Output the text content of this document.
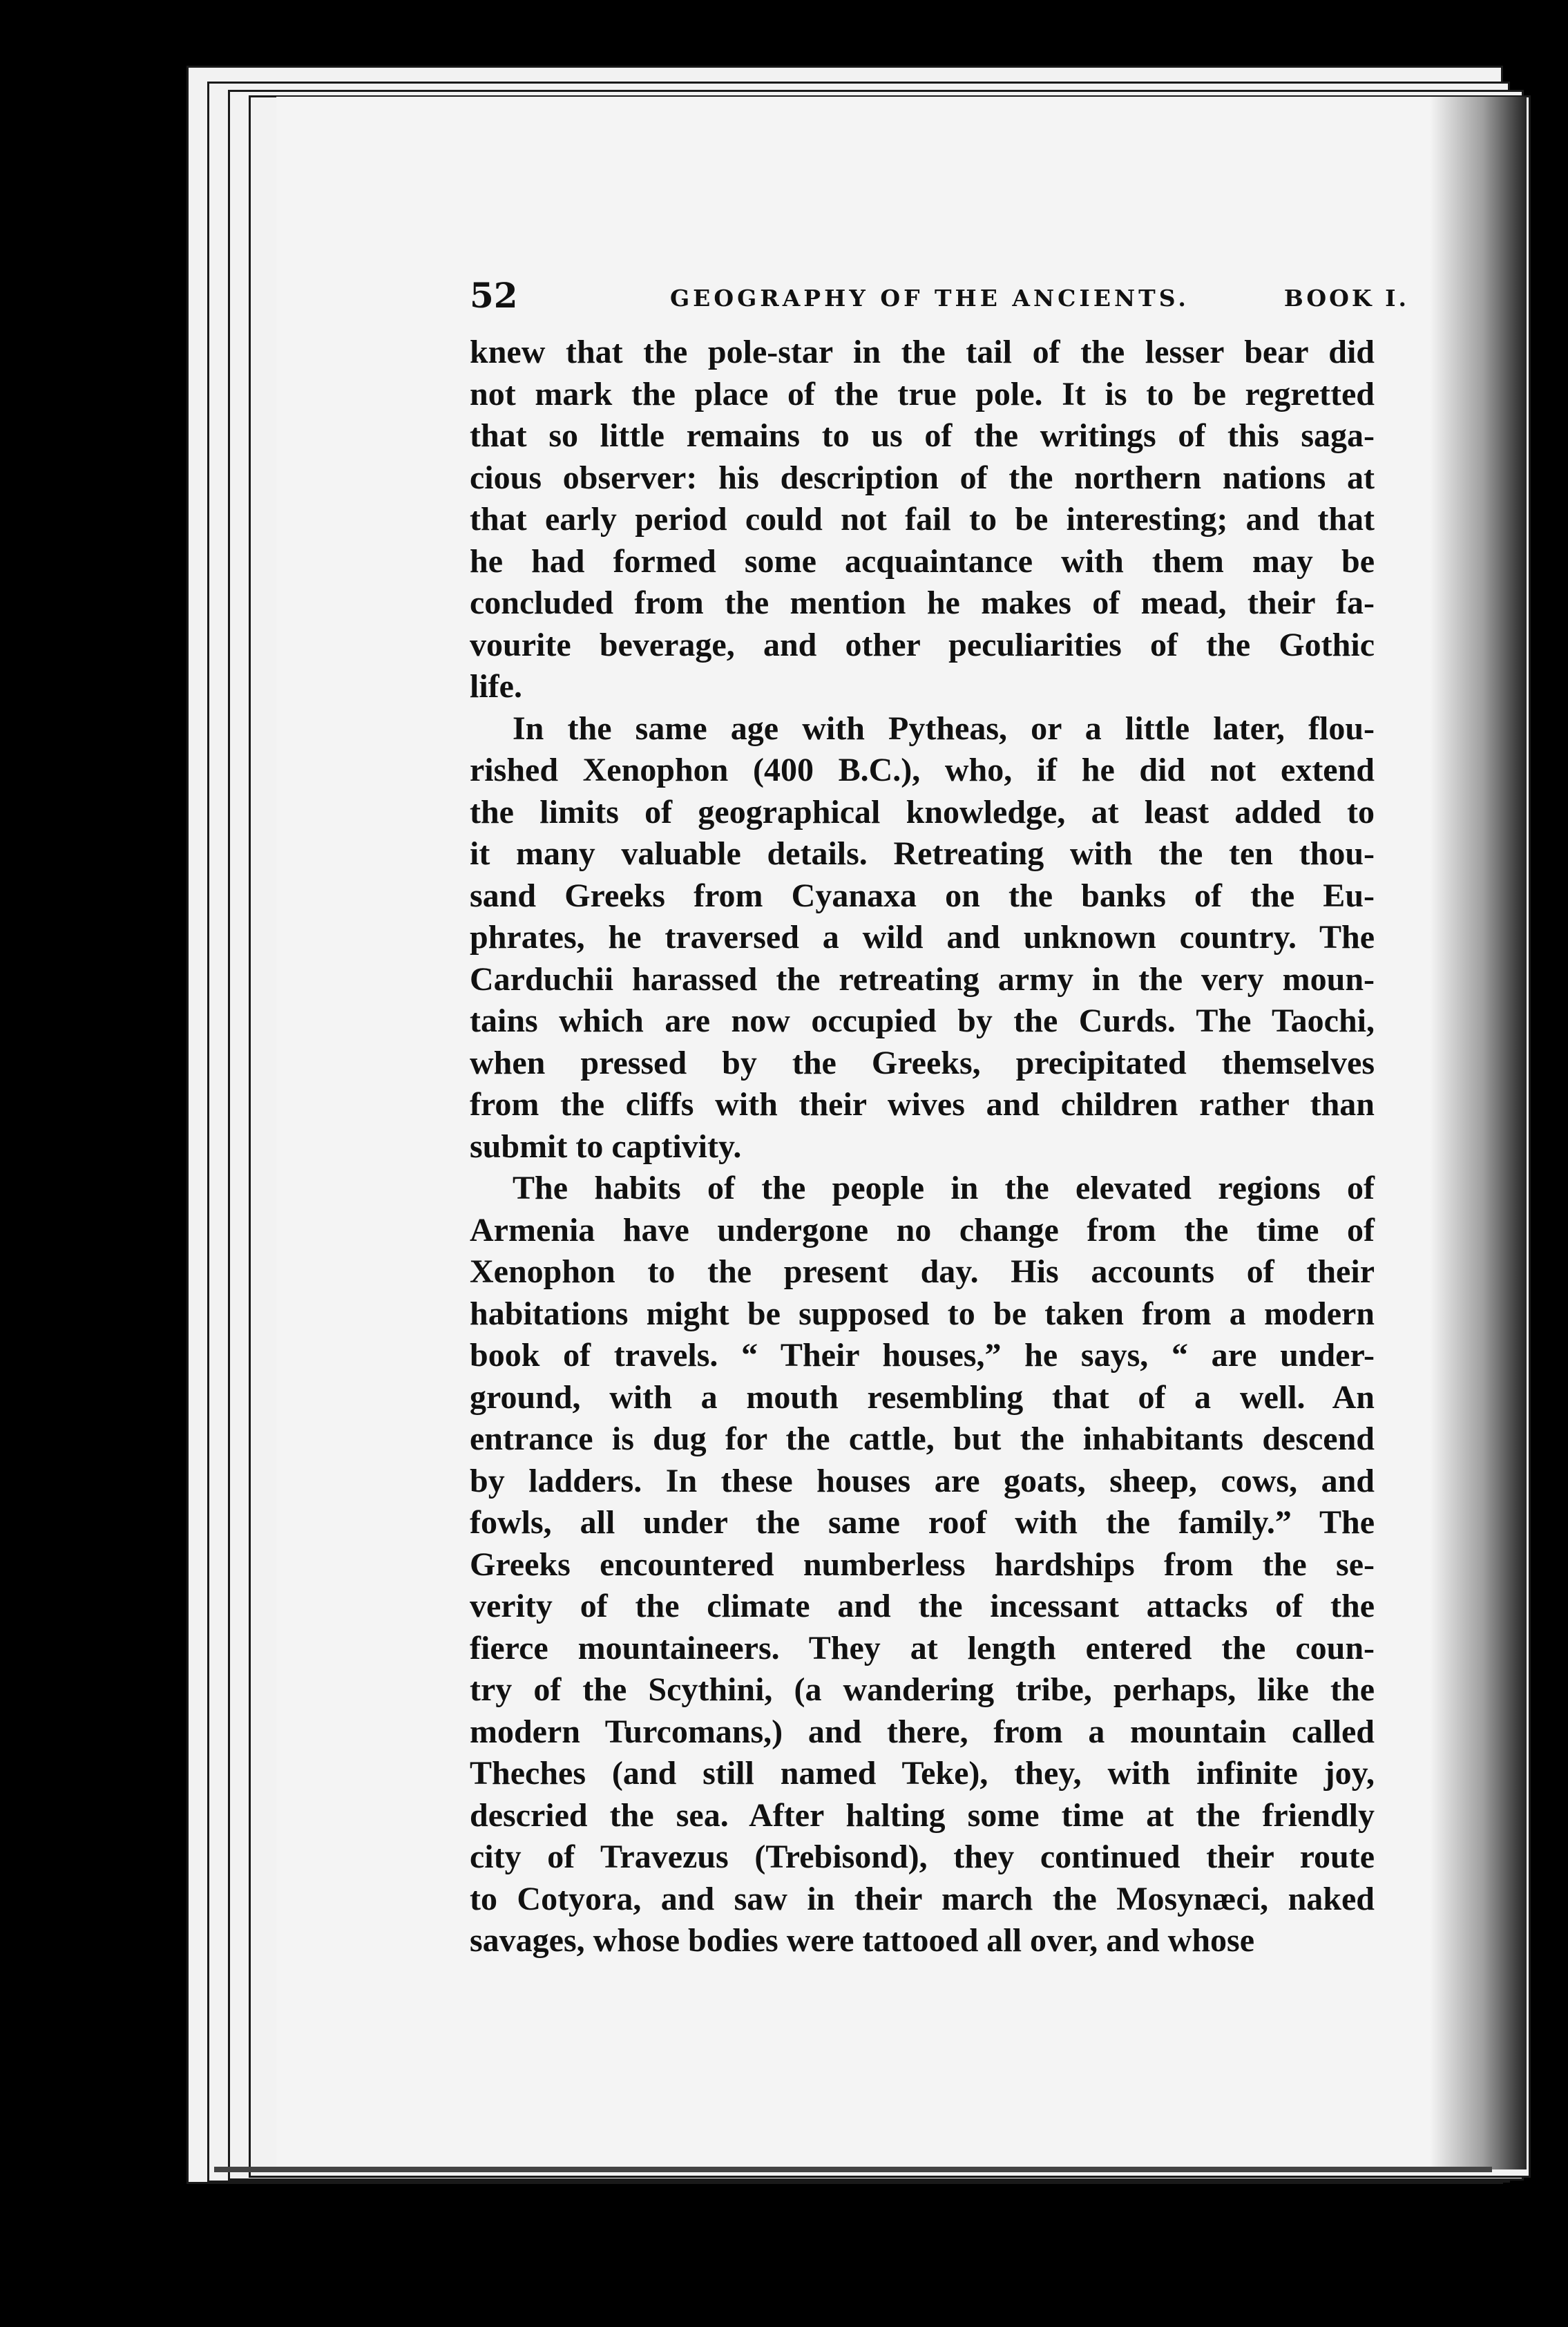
52	GEOGRAPHY OF THE ANCIENTS.	BOOK I.
knew that the pole-star in the tail of the lesser bear did
not mark the place of the true pole. It is to be regretted
that so little remains to us of the writings of this saga-
cious observer: his description of the northern nations at
that early period could not fail to be interesting; and that
he had formed some acquaintance with them may be
concluded from the mention he makes of mead, their fa-
vourite beverage, and other peculiarities of the Gothic
life.
In the same age with Pytheas, or a little later, flou-
rished Xenophon (400 B.C.), who, if he did not extend
the limits of geographical knowledge, at least added to
it many valuable details. Retreating with the ten thou-
sand Greeks from Cyanaxa on the banks of the Eu-
phrates, he traversed a wild and unknown country. The
Carduchii harassed the retreating army in the very moun-
tains which are now occupied by the Curds. The Taochi,
when pressed by the Greeks, precipitated themselves
from the cliffs with their wives and children rather than
submit to captivity.
The habits of the people in the elevated regions of
Armenia have undergone no change from the time of
Xenophon to the present day. His accounts of their
habitations might be supposed to be taken from a modern
book of travels. “ Their houses,” he says, “ are under-
ground, with a mouth resembling that of a well. An
entrance is dug for the cattle, but the inhabitants descend
by ladders. In these houses are goats, sheep, cows, and
fowls, all under the same roof with the family.” The
Greeks encountered numberless hardships from the se-
verity of the climate and the incessant attacks of the
fierce mountaineers. They at length entered the coun-
try of the Scythini, (a wandering tribe, perhaps, like the
modern Turcomans,) and there, from a mountain called
Theches (and still named Teke), they, with infinite joy,
descried the sea. After halting some time at the friendly
city of Travezus (Trebisond), they continued their route
to Cotyora, and saw in their march the Mosynæci, naked
savages, whose bodies were tattooed all over, and whose
